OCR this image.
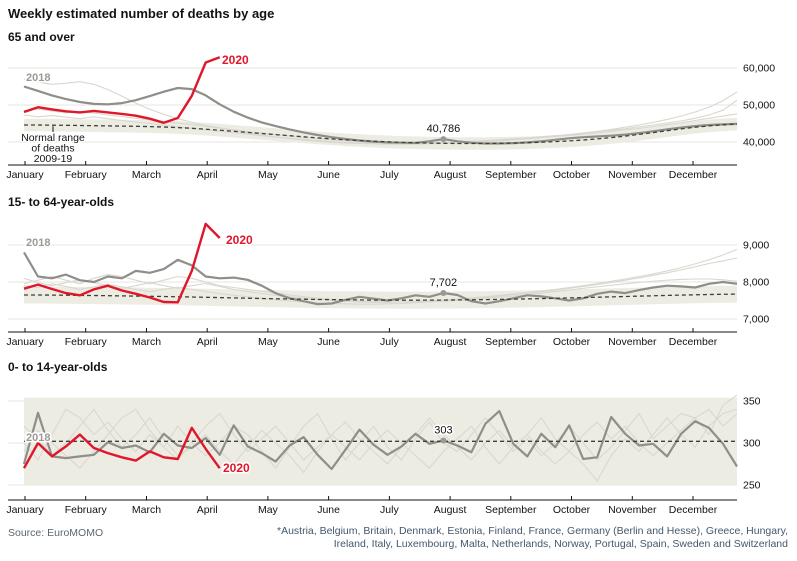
Weekly estimated number of deaths by age
65 and over
40,786
January February March	April	May	June	July	August September October November December
60,000
50,000
40,000
2018
2020
Normal range
of deaths
2009-19
15- to 64-year-olds
7,702
January February March	April	May	June	July	August September October November December
9,000
8,000
7,000
2018	2020
0- to 14-year-olds
303
January February March	April	May	June	July	August September October November December
350
300
250
2018
2020
Source: EuroMOMO	*Austria, Belgium, Britain, Denmark, Estonia, Finland, France, Germany (Berlin and Hesse), Greece, Hungary,
Ireland, Italy, Luxembourg, Malta, Netherlands, Norway, Portugal, Spain, Sweden and Switzerland
